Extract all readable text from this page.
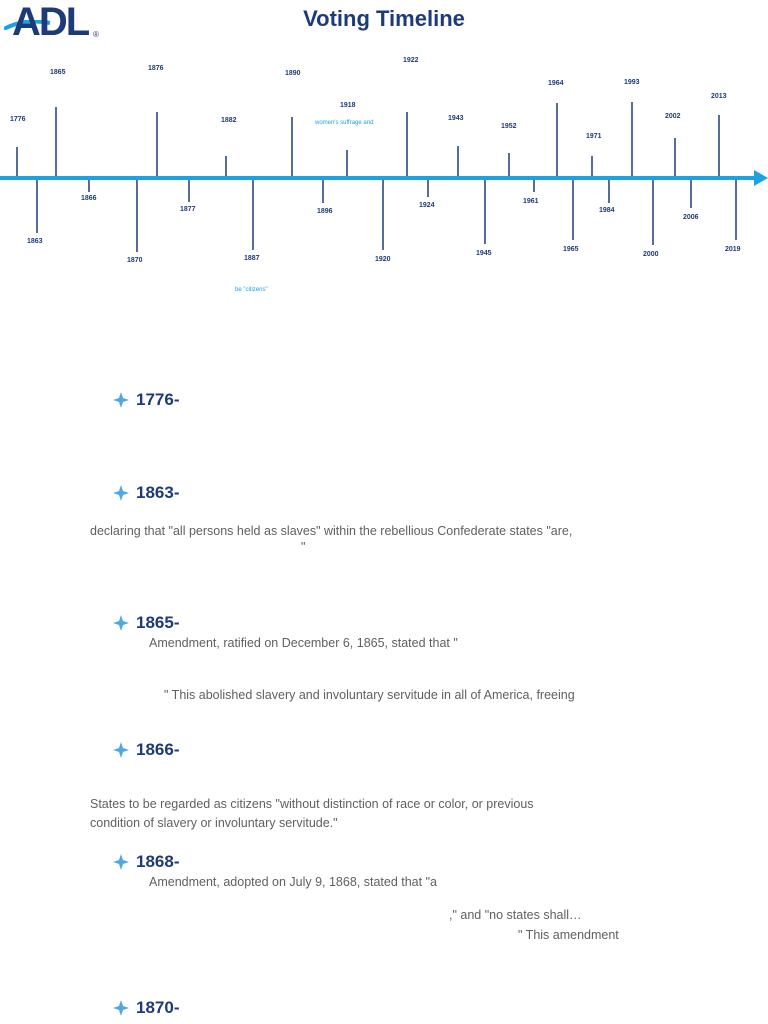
ADL ®
Voting Timeline
1776
1865
1876
1882
1890
1918
women's suffrage and
1922
1943
1952
1964
1971
1993
2002
2013
1863
1866
1870
1877
1887
be "citizens"
1896
1920
1924
1945
1961
1965
1984
2000
2006
2019
1776-
1863-
declaring that "all persons held as slaves" within the rebellious Confederate states "are,
"
1865-
Amendment, ratified on December 6, 1865, stated that "
" This abolished slavery and involuntary servitude in all of America, freeing
1866-
States to be regarded as citizens "without distinction of race or color, or previous
condition of slavery or involuntary servitude."
1868-
Amendment, adopted on July 9, 1868, stated that "a
," and "no states shall…
" This amendment
1870-
